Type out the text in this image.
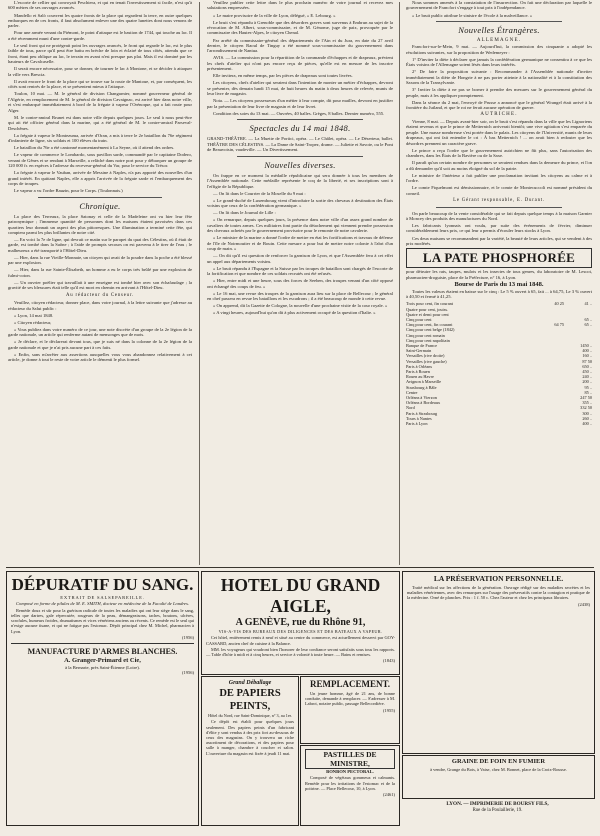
L'escorte de cellier qui convoyait Peschiera, et qui en tenait l'investissement si facile, n'est qu'à 600 mètres de ses ouvrages avancés.

Mandello et Salò couvrent les quatre fronts de la place qui regardent la terre, en outre quelques embarques en de ces fronts, il faut absolument enlever une des quatre lunettes dont nous venons de parler.

Pour une armée venant du Piémont, le point d'attaque est le bastion de 1744, qui touche au lac. Il a été récemment muni d'une contre-garde.

Le seul front qui ne protégeait point les ouvrages avancés, le front qui regarde le lac, est le plus faible de tous, parce qu'il peut être battu en brèche de loin et éclairé de tous côtés, attendu que ce front, étant peu oblique au lac, le terrain en avant n'est presque pas plat. Mais il est dominé par les hauteurs de Cavalcaselle.

Il serait encore nécessaire, pour se donner, de tourner le lac à Montone, et se décider à attaquer la ville vers Brescia.

Il avait encore le front de la place qui se trouve sur la route de Mantoue, et, par conséquent, les côtés sont rentrés de la place, et se présentent mieux à l'attaque.

Toulon, 10 mai. — M. le général de division Changarnier, nommé gouverneur général de l'Algérie, en remplacement de M. le général de division Cavaignac, est arrivé hier dans notre ville, et s'est embarqué immédiatement à bord de la frégate à vapeur l'Orénoque, qui a fait route pour Alger.

M. le contre-amiral Brunet est dans notre ville depuis quelques jours. Le seul à nous peut-être qui ait été officier général dans la marine, qui a été général de M. le contre-amiral Parseval-Deschênes.

La frégate à vapeur le Montezuma, arrivée d'Oran, a mis à terre le 2e bataillon du 76e régiment d'infanterie de ligne, six soldats et 100 élèves du train.

Le bataillon du 76e a été cantonné momentanément à La Seyne, où il attend des ordres.

Le vapeur de commerce le Lombardo, sous pavillon sarde, commandé par le capitaine Dodero, venant de Gênes et se rendant à Marseille, a relâché dans notre port pour y débarquer un groupe de 120 000 fr. en espèces à l'adresse du receveur-général du Var, pour le service du Trésor.

La frégate à vapeur le Vauban, arrivée de Messine à Naples, n'a pas apporté des nouvelles d'un grand intérêt. En quittant Naples, elle a appris l'arrivée de la frégate sarde et l'embarquement des corps de troupes.

Le vapeur a vu l'ordre Bauzin, pour le Corps. (Toulonnais.)

Chronique.

La place des Terreaux, la place Satonay et celle de la Madeleine ont vu hier leur fête patronymique ; l'immense quantité de personnes dont les maisons étaient pavoisées dans ces quartiers leur donnait un aspect des plus pittoresques. Une illumination a terminé cette fête, qui comptera parmi les plus brillantes de notre cité.

— En voici la 7e de ligne, qui devrait ce matin sur le parapet du quai des Célestins, où il était de garde, est tombé dans la Saône ; à l'aide de prompts secours on est parvenu à le tirer de l'eau ; le malheureux a été transporté à l'Hôtel-Dieu.

— Hier, dans la rue Vieille-Monnaie, un citoyen qui avait de la poudre dans la poche a été blessé par une explosion.

— Hier, dans la rue Sainte-Élisabeth, un homme a eu le corps très brûlé par une explosion de fulmi-coton.

— Un ouvrier poëlier qui travaillait à une enseigne est tombé hier avec son échafaudage ; la gravité de ses blessures était telle qu'il est mort en chemin en arrivant à l'Hôtel-Dieu.

Au rédacteur du Censeur.

Veuillez, citoyen rédacteur, donner place, dans votre journal, à la lettre suivante que j'adresse au rédacteur du Salut public :

« Lyon, 14 mai 1848.

« Citoyen rédacteur,

« Vous publiez dans votre numéro de ce jour, une note discrète d'un groupe de la 2e légion de la garde nationale, un article qui renferme autant de mensonges que de mots.

« Je déclare, et le déclarerai devant tous, que je suis né dans la colonne de la 2e légion de la garde nationale et que je n'ai pris aucune part à ces faits.

« Enfin, sans m'arrêter aux assertions auxquelles vous vous abandonnez relativement à cet article, je donne à tout le reste de votre article le démenti le plus formel.

Veuillez publier cette lettre dans le plus prochain numéro de votre journal et recevez mes salutations empressées.

« Le maire provisoire de la ville de Lyon, délégué, « E. Lebourg. »

Le bruit s'est répandu à Grenoble que des désordres graves sont survenus à Embrun au sujet de la révocation de M. Albert, sous-commissaire, et de M. Génome, juge de paix, provoquée par le commissaire des Hautes-Alpes, le citoyen Chenal.

Par arrêté du commissaire-général des départements de l'Ain et du Jura, en date du 27 avril dernier, le citoyen Raoul de Tinguy a été nommé sous-commissaire du gouvernement dans l'arrondissement de Nantua.

AVIS. — La commission pour la répartition de la commande d'échappes et de drapeaux, prévient les chefs d'atelier qui n'ont pas encore reçu de pièces, qu'elle est en mesure de les inscrire présentement.

Elle invitera, en même temps, par les pièces de drapeaux sont toutes livrées.

Les citoyens, chefs d'atelier qui seraient dans l'intention de monter un métier d'échappes, devront se présenter, dès demain lundi 15 mai, de huit heures du matin à deux heures de relevée, munis de leur livre de magasin.

Nota. — Les citoyens possesseurs d'un métier à leur compte, dit pour mailles, devront en justifier par la présentation de leur livre de magasin et de leur livret.

Condition des soies du 13 mai. — Ouvrées, 40 balles. Grèges, 8 balles. Dernier numéro, 555.

Spectacles du 14 mai 1848.

GRAND-THÉÂTRE. — La Muette de Portici, opéra. — Le Châlet, opéra. — Le Déserteur, ballet. THÉÂTRE DES CÉLESTINS. — La Dame de Saint-Tropez, drame. — Juliette et Savoie, ou le Pont de Beauvoisin, vaudeville. — Un Divertissement.

Nouvelles diverses.

On frappe en ce moment la médaille républicaine qui sera donnée à tous les membres de l'Assemblée nationale. Cette médaille représente le coq de la liberté, et ses inscriptions sont à l'effigie de la République.

— On lit dans le Courrier de la Moselle du 9 mai :

« Le grand-duché de Luxembourg vient d'introduire la sortie des chevaux à destination des États voisins que ceux de la confédération germanique. »

— On lit dans le Journal de Lille :

« On remarque, depuis quelques jours, la présence dans notre ville d'un assez grand nombre de cavaliers de toutes armes. Ces militaires font partie du détachement qui viennent prendre possession des chevaux achetés par le gouvernement provisoire pour le remonte de notre cavalerie.

« Le ministre de la marine a donné l'ordre de mettre en état les fortifications et travaux de défense de l'île de Noirmoutier et de Bouin. Cette mesure a pour but de mettre notre colonie à l'abri d'un coup de main. »

— On dit qu'il est question de renforcer la garnison de Lyon, et que l'Assemblée fera à cet effet un appel aux départements voisins.

« Le bruit répandu à l'Espagne et la Suisse par les troupes de bataillon sont chargés de l'escorte de la fortification et que nombre de ces soldats recrutés ont été refusés.

« Hier, entre midi et une heure, sous des forces de Seeben, des troupes venant d'un côté opposé ont échangé des coups de feu. »

« Le 16 mai, une revue des troupes de la garnison aura lieu sur la place de Bellecour ; le général en chef passera en revue les bataillons et les escadrons ; il a été beaucoup de monde à cette revue.

« On apprend, dit la Gazette de Cologne, la nouvelle d'une prochaine visite de la cour royale. »

« A vingt heures, aujourd'hui qu'on dit à plus activement occupé de la question d'Italie. »

Nous sommes amenés à la constatation de l'insurrection. On fait une déclaration par laquelle le gouvernement de Francfort s'engage à tout prix à l'indépendance.

« Le bruit public attribue le sinistre de l'école à la malveillance. »

Nouvelles Étrangères.
ALLEMAGNE.

Francfort-sur-le-Mein, 9 mai. — Aujourd'hui, la commission des cinquante a adopté les résolutions suivantes, sur la proposition de Wedemeyer :

1° D'inviter la diète à déclarer que jamais la confédération germanique ne consentira à ce que les États voisins de l'Allemagne soient lésés dans leurs intérêts.

2° De faire la proposition suivante : Recommander à l'Assemblée nationale d'inviter immédiatement la diète de Hongrie à ne pas porter atteinte à la nationalité et à la constitution des Saxons de la Transylvanie.

3° Inviter la diète à ne pas se borner à prendre des mesures sur le gouvernement général du peuple, mais à les appliquer promptement.

Dans la séance du 2 mai, l'envoyé de Prusse a annoncé que le général Wrangel était arrivé à la frontière du Jutland, et que le roi ne ferait aucune opération de guerre.

AUTRICHE.

Vienne, 8 mai. — Depuis avant-hier soir, on le bruit s'est répandu dans la ville que les Lignoriens étaient revenus et que le prince de Metternich arriverait bientôt; une vive agitation s'est emparée du peuple. Une masse nombreuse s'est portée dans le palais. Les citoyens de l'Université, munis de leurs drapeaux, qui ont fait entendre le cri : À bas Metternich ! ... on avait bien à redouter que les désordres prennent un caractère grave.

Le prince a reçu l'ordre que le gouvernement autrichien ne fût plus, sans l'autorisation des chambres, dans les États de la Bavière ou de la Saxe.

Il paraît qu'un certain nombre de personnes se seraient rendues dans la demeure du prince, et l'on a dû demander qu'il soit au moins éloigné du sol de la patrie.

Le ministre de l'intérieur a fait publier une proclamation invitant les citoyens au calme et à l'ordre.

Le comte Fiquelmont est démissionnaire, et le comte de Montecuccoli est nommé président du conseil.

Le Gérant responsable, E. Durant.

On parle beaucoup de la vente considérable qui se fait depuis quelque temps à la maison Garnier à Moncey des produits des manufactures du Nord.

Les fabricants lyonnais ont voulu, par suite des événements de février, diminuer considérablement leurs prix, ce qui leur a permis d'écouler leurs stocks à Lyon.

Ces deux maisons se recommandent par la variété, la beauté de leurs articles, qui se vendent à des prix modérés.

LA PATE PHOSPHORÉE

pour détruire les rats, taupes, mulots et les insectes de tous genres, du laboratoire de M. Lescot, pharmacien-droguiste, place de la Préfecture, n° 16, à Lyon.

Bourse de Paris du 13 mai 1848.

Toutes les valeurs étaient en baisse sur le cinq : Le 5 % ouvert à 65, fait ... à 64,75, Le 3 % ouvert à 40,50 et fermé à 41,25.

Trois pour cent, fin courant	40 25	41 ..
Quatre pour cent, jouiss.		
Quatre et demi pour cent		
Cinq pour cent		65 ..
Cinq pour cent, fin courant	64 75	65 ..
Cinq pour cent belge (1842)		
Cinq pour cent romain		
Cinq pour cent napolitain		
Banque de France		1450 ..
Saint-Germain		400 ..
Versailles (rive droite)		160 ..
Versailles (rive gauche)		87 50
Paris à Orléans		650 ..
Paris à Rouen		450 ..
Rouen au Havre		240 ..
Avignon à Marseille		200 ..
Strasbourg à Bâle		95 ..
Centre		85 ..
Orléans à Vierzon		247 50
Orléans à Bordeaux		355 ..
Nord		332 50
Paris à Strasbourg		300 ..
Tours à Nantes		260 ..
Paris à Lyon		400 ..
DÉPURATIF DU SANG.
EXTRAIT DE SALSEPAREILLE.
Composé en forme de pilules de M. E. SMITH, docteur en médecine de la Faculté de Londres.
Remède doux et sûr pour la guérison radicale de toutes les maladies qui ont leur siège dans le sang, telles que dartres, gale répercutée, rougeurs de la peau, démangeaisons, taches, boutons, ulcères, scrofules, humeurs froides, rhumatismes et vices vénériens anciens ou récents. Ce remède est le seul qui n'exige aucune tisane, et qui ne fatigue pas l'estomac. Dépôt principal chez M. Michel, pharmacien à Lyon.
(1956)
MANUFACTURE D'ARMES BLANCHES.
A. Granger-Primard et Cie,
à la Bernarie, près Saint-Étienne (Loire).
(1956)
HOTEL DU GRAND AIGLE,
A GENÈVE, rue du Rhône 91,
VIS-A-VIS DES BUREAUX DES DILIGENCES ET DES BATEAUX A VAPEUR.
Cet hôtel, entièrement remis à neuf et situé au centre du commerce, est actuellement desservi par GOY-CASSARD, ancien chef de cuisine à la Balance.
MM. les voyageurs qui voudront bien l'honorer de leur confiance seront satisfaits sous tous les rapports. — Table d'hôte à midi et à cinq heures, et service à volonté à toute heure. — Bains et remises.
(1843)
Grand Déballage
DE PAPIERS PEINTS,
Hôtel du Nord, rue Saint-Dominique, n° 3, au 1er.
Ce dépôt est établi pour quelques jours seulement. Des papiers peints d'un fabricant d'élite y sont vendus à des prix fort au-dessous de ceux des magasins. On y trouvera un riche assortiment de décorations, et des papiers pour salle à manger, chambre à coucher et salon. L'ouverture du magasin est fixée à jeudi 11 mai.
REMPLACEMENT.
Un jeune homme, âgé de 21 ans, de bonne conduite, demande à remplacer. — S'adresser à M. Labrot, notaire public, passage Bellecordière.
(1955)
PASTILLES DE MINISTRE,
BONBON PECTORAL.
Composé de végétaux gommeux et calmants. Remède pour les irritations de l'estomac et de la poitrine. — Place Bellecour, 10, à Lyon.
(2461)
LA PRÉSERVATION PERSONNELLE.
Traité médical sur les affections de la génération. Ouvrage rédigé sur des maladies secrètes et les maladies vénériennes, avec des remarques sur l'usage des préservatifs contre la contagion et pratique de la médecine. Orné de planches. Prix : 1 f. 50 c. Chez l'auteur et chez les principaux libraires.
(2438)
GRAINE DE FOIN EN FUMIER
à vendre, Grange du Bois, à Vaise, chez M. Bonnet, place de la Croix-Rousse.
LYON. — IMPRIMERIE DE BOURSY FILS,
Rue de la Poulaillerie, 19.
